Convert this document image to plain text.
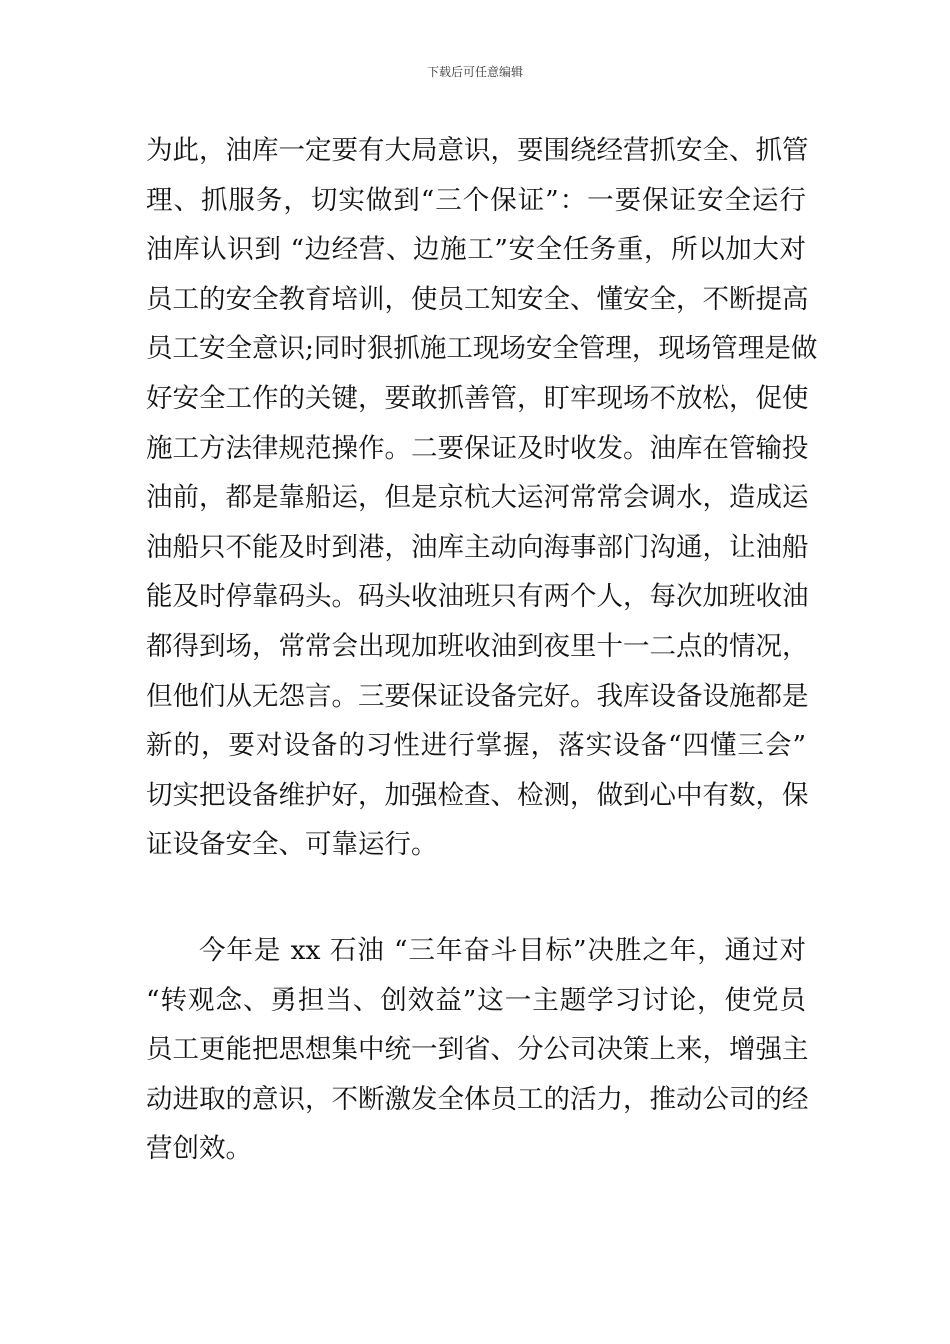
下载后可任意编辑
为此，油库一定要有大局意识，要围绕经营抓安全、抓管
理、抓服务，切实做到“三个保证”：一要保证安全运行
油库认识到 “边经营、边施工”安全任务重，所以加大对
员工的安全教育培训，使员工知安全、懂安全，不断提高
员工安全意识;同时狠抓施工现场安全管理，现场管理是做
好安全工作的关键，要敢抓善管，盯牢现场不放松，促使
施工方法律规范操作。二要保证及时收发。油库在管输投
油前，都是靠船运，但是京杭大运河常常会调水，造成运
油船只不能及时到港，油库主动向海事部门沟通，让油船
能及时停靠码头。码头收油班只有两个人，每次加班收油
都得到场，常常会出现加班收油到夜里十一二点的情况，
但他们从无怨言。三要保证设备完好。我库设备设施都是
新的，要对设备的习性进行掌握，落实设备“四懂三会”
切实把设备维护好，加强检查、检测，做到心中有数，保
证设备安全、可靠运行。
今年是 xx 石油 “三年奋斗目标”决胜之年，通过对
“转观念、勇担当、创效益”这一主题学习讨论，使党员
员工更能把思想集中统一到省、分公司决策上来，增强主
动进取的意识，不断激发全体员工的活力，推动公司的经
营创效。
